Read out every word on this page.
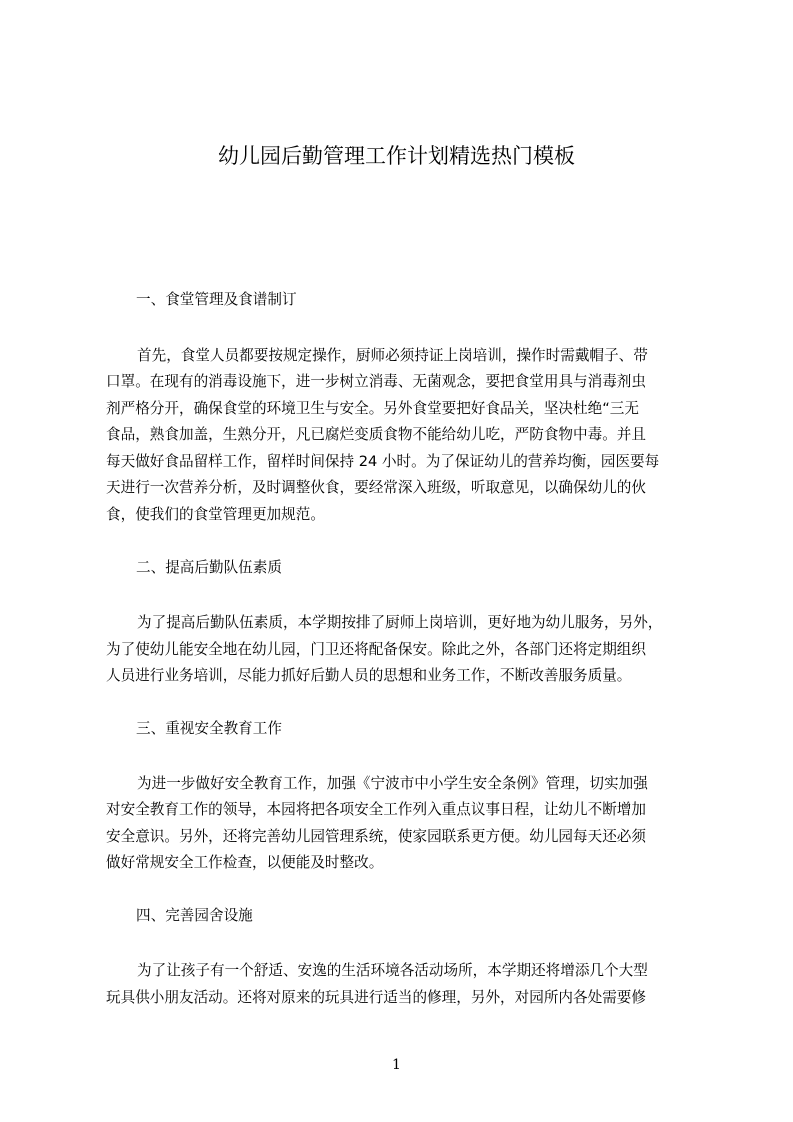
幼儿园后勤管理工作计划精选热门模板

一、食堂管理及食谱制订

首先，食堂人员都要按规定操作，厨师必须持证上岗培训，操作时需戴帽子、带

口罩。在现有的消毒设施下，进一步树立消毒、无菌观念，要把食堂用具与消毒剂虫

剂严格分开，确保食堂的环境卫生与安全。另外食堂要把好食品关，坚决杜绝“三无

食品，熟食加盖，生熟分开，凡已腐烂变质食物不能给幼儿吃，严防食物中毒。并且

每天做好食品留样工作，留样时间保持 24 小时。为了保证幼儿的营养均衡，园医要每

天进行一次营养分析，及时调整伙食，要经常深入班级，听取意见，以确保幼儿的伙

食，使我们的食堂管理更加规范。

二、提高后勤队伍素质

为了提高后勤队伍素质，本学期按排了厨师上岗培训，更好地为幼儿服务，另外，

为了使幼儿能安全地在幼儿园，门卫还将配备保安。除此之外，各部门还将定期组织

人员进行业务培训，尽能力抓好后勤人员的思想和业务工作，不断改善服务质量。

三、重视安全教育工作

为进一步做好安全教育工作，加强《宁波市中小学生安全条例》管理，切实加强

对安全教育工作的领导，本园将把各项安全工作列入重点议事日程，让幼儿不断增加

安全意识。另外，还将完善幼儿园管理系统，使家园联系更方便。幼儿园每天还必须

做好常规安全工作检查，以便能及时整改。

四、完善园舍设施

为了让孩子有一个舒适、安逸的生活环境各活动场所，本学期还将增添几个大型

玩具供小朋友活动。还将对原来的玩具进行适当的修理，另外，对园所内各处需要修

1
